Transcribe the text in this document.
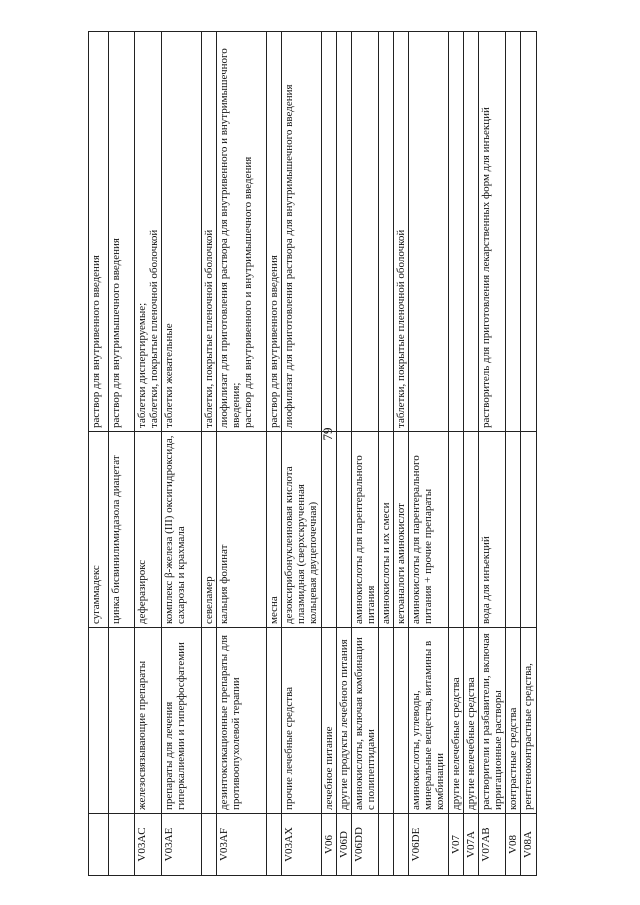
79
		сугаммадекс	раствор для внутривенного введения
		цинка бисвинилимидазола диацетат	раствор для внутримышечного введения
V03AC	железосвязывающие препараты	деферазирокс	таблетки диспергируемые;
таблетки, покрытые пленочной оболочкой
V03AE	препараты для лечения гиперкалиемии и гиперфосфатемии	комплекс β-железа (III) оксигидроксида, сахарозы и крахмала	таблетки жевательные
		севеламер	таблетки, покрытые пленочной оболочкой
V03AF	дезинтоксикационные препараты для противоопухолевой терапии	кальция фолинат	лиофилизат для приготовления раствора для внутривенного и внутримышечного введения;
раствор для внутривенного и внутримышечного введения
		месна	раствор для внутривенного введения
V03AX	прочие лечебные средства	дезоксирибонуклеиновая кислота плазмидная (сверхскрученная кольцевая двуцепочечная)	лиофилизат для приготовления раствора для внутримышечного введения
V06	лечебное питание		
V06D	другие продукты лечебного питания		
V06DD	аминокислоты, включая комбинации с полипептидами	аминокислоты для парентерального питания	
		аминокислоты и их смеси	
		кетоаналоги аминокислот	таблетки, покрытые пленочной оболочкой
V06DE	аминокислоты, углеводы, минеральные вещества, витамины в комбинации	аминокислоты для парентерального питания + прочие препараты	
V07	другие нелечебные средства		
V07A	другие нелечебные средства		
V07AB	растворители и разбавители, включая ирригационные растворы	вода для инъекций	растворитель для приготовления лекарственных форм для инъекций
V08	контрастные средства		
V08A	рентгеноконтрастные средства,		
